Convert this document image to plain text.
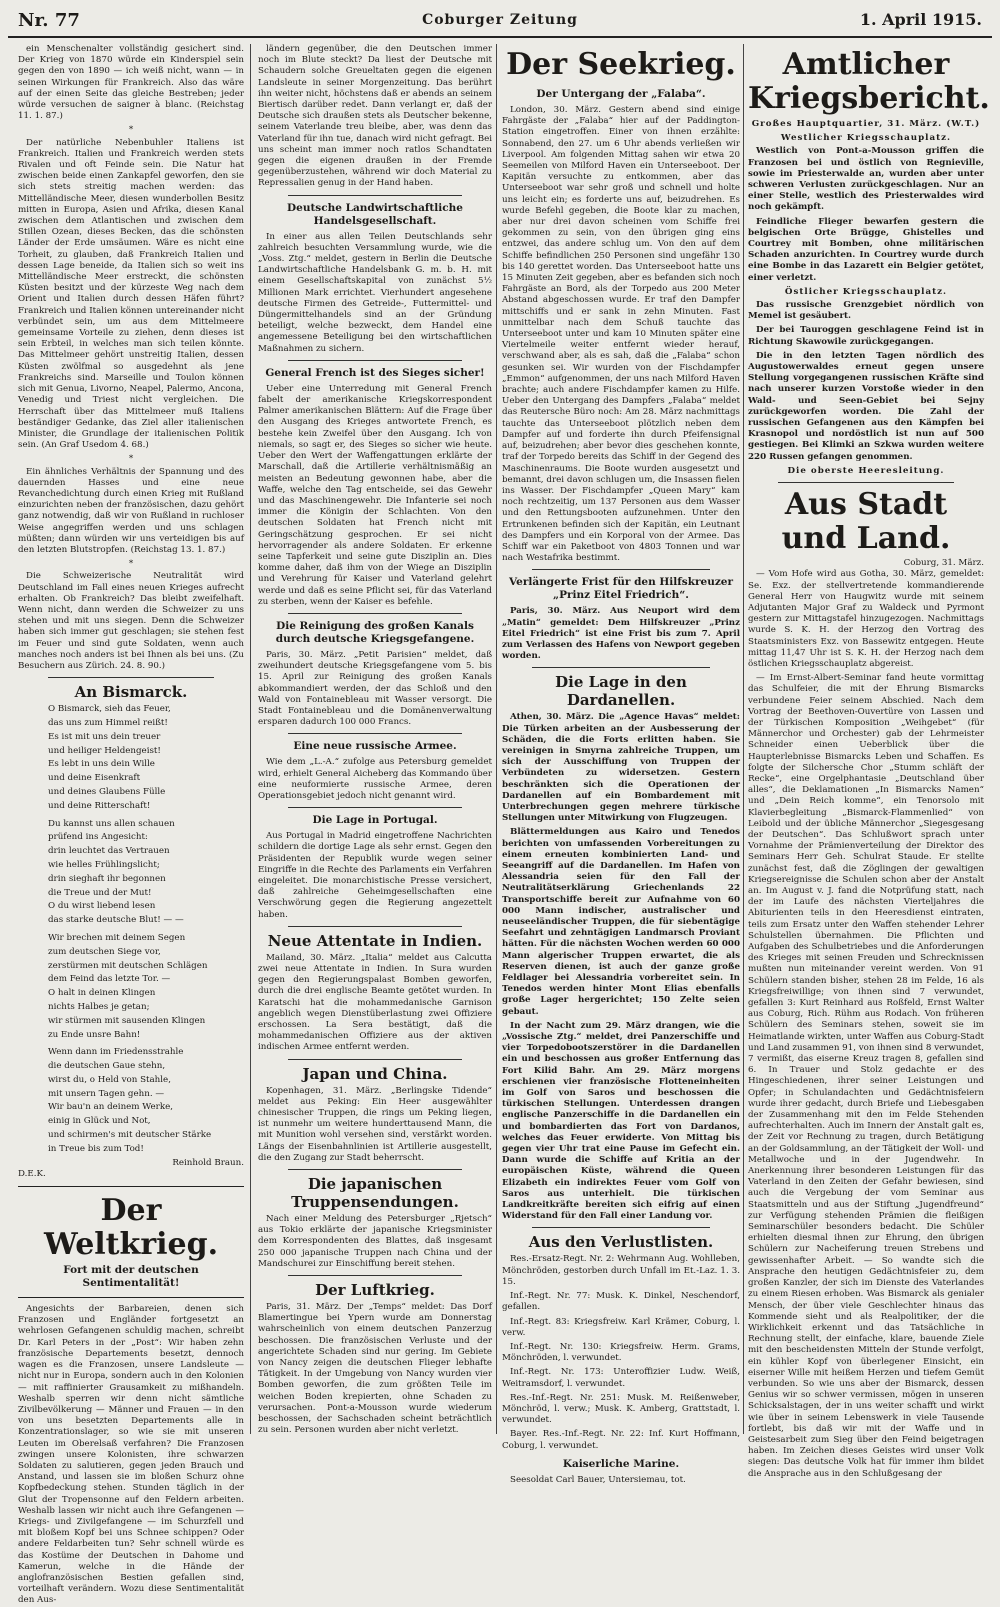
Nr. 77	Coburger Zeitung	1. April 1915.

ein Menschenalter vollständig gesichert sind. Der Krieg von 1870 würde ein Kinderspiel sein gegen den von 1890 — ich weiß nicht, wann — in seinen Wirkungen für Frankreich. Also das wäre auf der einen Seite das gleiche Bestreben; jeder würde versuchen de saigner à blanc. (Reichstag 11. 1. 87.)

*

Der natürliche Nebenbuhler Italiens ist Frankreich. Italien und Frankreich werden stets Rivalen und oft Feinde sein. Die Natur hat zwischen beide einen Zankapfel geworfen, den sie sich stets streitig machen werden: das Mittelländische Meer, diesen wunderbollen Besitz mitten in Europa, Asien und Afrika, diesen Kanal zwischen dem Atlantischen und zwischen dem Stillen Ozean, dieses Becken, das die schönsten Länder der Erde umsäumen. Wäre es nicht eine Torheit, zu glauben, daß Frankreich Italien und dessen Lage beneide, da Italien sich so weit ins Mittelländische Meer erstreckt, die schönsten Küsten besitzt und der kürzeste Weg nach dem Orient und Italien durch dessen Häfen führt? Frankreich und Italien können untereinander nicht verbündet sein, um aus dem Mittelmeere gemeinsame Vorteile zu ziehen, denn dieses ist sein Erbteil, in welches man sich teilen könnte. Das Mittelmeer gehört unstreitig Italien, dessen Küsten zwölfmal so ausgedehnt als jene Frankreichs sind. Marseille und Toulon können sich mit Genua, Livorno, Neapel, Palermo, Ancona, Venedig und Triest nicht vergleichen. Die Herrschaft über das Mittelmeer muß Italiens beständiger Gedanke, das Ziel aller italienischen Minister, die Grundlage der italienischen Politik sein. (An Graf Usedom 4. 68.)

*

Ein ähnliches Verhältnis der Spannung und des dauernden Hasses und eine neue Revanchedichtung durch einen Krieg mit Rußland einzurichten neben der französischen, dazu gehört ganz notwendig, daß wir von Rußland in ruchloser Weise angegriffen werden und uns schlagen müßten; dann würden wir uns verteidigen bis auf den letzten Blutstropfen. (Reichstag 13. 1. 87.)

*

Die Schweizerische Neutralität wird Deutschland im Fall eines neuen Krieges aufrecht erhalten. Ob Frankreich? Das bleibt zweifelhaft. Wenn nicht, dann werden die Schweizer zu uns stehen und mit uns siegen. Denn die Schweizer haben sich immer gut geschlagen; sie stehen fest im Feuer und sind gute Soldaten, wenn auch manches noch anders ist bei Ihnen als bei uns. (Zu Besuchern aus Zürich. 24. 8. 90.)

An Bismarck.
O Bismarck, sieh das Feuer,
das uns zum Himmel reißt!
Es ist mit uns dein treuer
und heiliger Heldengeist!
Es lebt in uns dein Wille
und deine Eisenkraft
und deines Glaubens Fülle
und deine Ritterschaft!
Du kannst uns allen schauen
prüfend ins Angesicht:
drin leuchtet das Vertrauen
wie helles Frühlingslicht;
drin sieghaft ihr begonnen
die Treue und der Mut!
O du wirst liebend lesen
das starke deutsche Blut! — —
Wir brechen mit deinem Segen
zum deutschen Siege vor,
zerstürmen mit deutschen Schlägen
dem Feind das letzte Tor. —
O halt in deinen Klingen
nichts Halbes je getan;
wir stürmen mit sausenden Klingen
zu Ende unsre Bahn!
Wenn dann im Friedensstrahle
die deutschen Gaue stehn,
wirst du, o Held von Stahle,
mit unsern Tagen gehn. —
Wir bau'n an deinem Werke,
einig in Glück und Not,
und schirmen's mit deutscher Stärke
in Treue bis zum Tod!
Reinhold Braun.
D.E.K.
Der Weltkrieg.
Fort mit der deutschen Sentimentalität!

Angesichts der Barbareien, denen sich Franzosen und Engländer fortgesetzt an wehrlosen Gefangenen schuldig machen, schreibt Dr. Karl Peters in der „Post“: Wir haben zehn französische Departements besetzt, dennoch wagen es die Franzosen, unsere Landsleute — nicht nur in Europa, sondern auch in den Kolonien — mit raffinierter Grausamkeit zu mißhandeln. Weshalb sperren wir denn nicht sämtliche Zivilbevölkerung — Männer und Frauen — in den von uns besetzten Departements alle in Konzentrationslager, so wie sie mit unseren Leuten im Oberelsaß verfahren? Die Franzosen zwingen unsere Kolonisten, ihre schwarzen Soldaten zu salutieren, gegen jeden Brauch und Anstand, und lassen sie im bloßen Schurz ohne Kopfbedeckung stehen. Stunden täglich in der Glut der Tropensonne auf den Feldern arbeiten. Weshalb lassen wir nicht auch ihre Gefangenen — Kriegs- und Zivilgefangene — im Schurzfell und mit bloßem Kopf bei uns Schnee schippen? Oder andere Feldarbeiten tun? Sehr schnell würde es das Kostüme der Deutschen in Dahome und Kamerun, welche in die Hände der anglofranzösischen Bestien gefallen sind, vorteilhaft verändern. Wozu diese Sentimentalität den Aus-

ländern gegenüber, die den Deutschen immer noch im Blute steckt? Da liest der Deutsche mit Schaudern solche Greueltaten gegen die eigenen Landsleute in seiner Morgenzeitung. Das berührt ihn weiter nicht, höchstens daß er abends an seinem Biertisch darüber redet. Dann verlangt er, daß der Deutsche sich draußen stets als Deutscher bekenne, seinem Vaterlande treu bleibe, aber, was denn das Vaterland für ihn tue, danach wird nicht gefragt. Bei uns scheint man immer noch ratlos Schandtaten gegen die eigenen draußen in der Fremde gegenüberzustehen, während wir doch Material zu Repressalien genug in der Hand haben.

Deutsche Landwirtschaftliche Handelsgesellschaft.

In einer aus allen Teilen Deutschlands sehr zahlreich besuchten Versammlung wurde, wie die „Voss. Ztg.“ meldet, gestern in Berlin die Deutsche Landwirtschaftliche Handelsbank G. m. b. H. mit einem Gesellschaftskapital von zunächst 5½ Millionen Mark errichtet. Vierhundert angesehene deutsche Firmen des Getreide-, Futtermittel- und Düngermittelhandels sind an der Gründung beteiligt, welche bezweckt, dem Handel eine angemessene Beteiligung bei den wirtschaftlichen Maßnahmen zu sichern.

General French ist des Sieges sicher!

Ueber eine Unterredung mit General French fabelt der amerikanische Kriegskorrespondent Palmer amerikanischen Blättern: Auf die Frage über den Ausgang des Krieges antwortete French, es bestehe kein Zweifel über den Ausgang. Ich von niemals, so sagt er, des Sieges so sicher wie heute. Ueber den Wert der Waffengattungen erklärte der Marschall, daß die Artillerie verhältnismäßig an meisten an Bedeutung gewonnen habe, aber die Waffe, welche den Tag entscheide, sei das Gewehr und das Maschinengewehr. Die Infanterie sei noch immer die Königin der Schlachten. Von den deutschen Soldaten hat French nicht mit Geringschätzung gesprochen. Er sei nicht hervorragender als andere Soldaten. Er erkenne seine Tapferkeit und seine gute Disziplin an. Dies komme daher, daß ihm von der Wiege an Disziplin und Verehrung für Kaiser und Vaterland gelehrt werde und daß es seine Pflicht sei, für das Vaterland zu sterben, wenn der Kaiser es befehle.

Die Reinigung des großen Kanals durch deutsche Kriegsgefangene.

Paris, 30. März. „Petit Parisien“ meldet, daß zweihundert deutsche Kriegsgefangene vom 5. bis 15. April zur Reinigung des großen Kanals abkommandiert werden, der das Schloß und den Wald von Fontainebleau mit Wasser versorgt. Die Stadt Fontainebleau und die Domänenverwaltung ersparen dadurch 100 000 Francs.

Eine neue russische Armee.

Wie dem „L.-A.“ zufolge aus Petersburg gemeldet wird, erhielt General Aicheberg das Kommando über eine neuformierte russische Armee, deren Operationsgebiet jedoch nicht genannt wird.

Die Lage in Portugal.

Aus Portugal in Madrid eingetroffene Nachrichten schildern die dortige Lage als sehr ernst. Gegen den Präsidenten der Republik wurde wegen seiner Eingriffe in die Rechte des Parlaments ein Verfahren eingeleitet. Die monarchistische Presse versichert, daß zahlreiche Geheimgesellschaften eine Verschwörung gegen die Regierung angezettelt haben.

Neue Attentate in Indien.

Mailand, 30. März. „Italia“ meldet aus Calcutta zwei neue Attentate in Indien. In Sura wurden gegen den Regierungspalast Bomben geworfen, durch die drei englische Beamte getötet wurden. In Karatschi hat die mohammedanische Garnison angeblich wegen Dienstüberlastung zwei Offiziere erschossen. La Sera bestätigt, daß die mohammedanischen Offiziere aus der aktiven indischen Armee entfernt werden.

Japan und China.

Kopenhagen, 31. März. „Berlingske Tidende“ meldet aus Peking: Ein Heer ausgewählter chinesischer Truppen, die rings um Peking liegen, ist nunmehr um weitere hunderttausend Mann, die mit Munition wohl versehen sind, verstärkt worden. Längs der Eisenbahnlinien ist Artillerie ausgestellt, die den Zugang zur Stadt beherrscht.

Die japanischen Truppensendungen.

Nach einer Meldung des Petersburger „Rjetsch“ aus Tokio erklärte der japanische Kriegsminister dem Korrespondenten des Blattes, daß insgesamt 250 000 japanische Truppen nach China und der Mandschurei zur Einschiffung bereit stehen.

Der Luftkrieg.

Paris, 31. März. Der „Temps“ meldet: Das Dorf Blamertingue bei Ypern wurde am Donnerstag wahrscheinlich von einem deutschen Panzerzug beschossen. Die französischen Verluste und der angerichtete Schaden sind nur gering. Im Gebiete von Nancy zeigen die deutschen Flieger lebhafte Tätigkeit. In der Umgebung von Nancy wurden vier Bomben geworfen, die zum größten Teile im weichen Boden krepierten, ohne Schaden zu verursachen. Pont-a-Mousson wurde wiederum beschossen, der Sachschaden scheint beträchtlich zu sein. Personen wurden aber nicht verletzt.

Der Seekrieg.
Der Untergang der „Falaba“.

London, 30. März. Gestern abend sind einige Fahrgäste der „Falaba“ hier auf der Paddington-Station eingetroffen. Einer von ihnen erzählte: Sonnabend, den 27. um 6 Uhr abends verließen wir Liverpool. Am folgenden Mittag sahen wir etwa 20 Seemeilen von Milford Haven ein Unterseeboot. Der Kapitän versuchte zu entkommen, aber das Unterseeboot war sehr groß und schnell und holte uns leicht ein; es forderte uns auf, beizudrehen. Es wurde Befehl gegeben, die Boote klar zu machen, aber nur drei davon scheinen vom Schiffe frei gekommen zu sein, von den übrigen ging eins entzwei, das andere schlug um. Von den auf dem Schiffe befindlichen 250 Personen sind ungefähr 130 bis 140 gerettet worden. Das Unterseeboot hatte uns 15 Minuten Zeit gegeben, aber es befanden sich noch Fahrgäste an Bord, als der Torpedo aus 200 Meter Abstand abgeschossen wurde. Er traf den Dampfer mittschiffs und er sank in zehn Minuten. Fast unmittelbar nach dem Schuß tauchte das Unterseeboot unter und kam 10 Minuten später eine Viertelmeile weiter entfernt wieder herauf, verschwand aber, als es sah, daß die „Falaba“ schon gesunken sei. Wir wurden von der Fischdampfer „Emmon“ aufgenommen, der uns nach Milford Haven brachte; auch andere Fischdampfer kamen zu Hilfe. Ueber den Untergang des Dampfers „Falaba“ meldet das Reutersche Büro noch: Am 28. März nachmittags tauchte das Unterseeboot plötzlich neben dem Dampfer auf und forderte ihn durch Pfeifensignal auf, beizudrehen; aber bevor dies geschehen konnte, traf der Torpedo bereits das Schiff in der Gegend des Maschinenraums. Die Boote wurden ausgesetzt und bemannt, drei davon schlugen um, die Insassen fielen ins Wasser. Der Fischdampfer „Queen Mary“ kam noch rechtzeitig, um 137 Personen aus dem Wasser und den Rettungsbooten aufzunehmen. Unter den Ertrunkenen befinden sich der Kapitän, ein Leutnant des Dampfers und ein Korporal von der Armee. Das Schiff war ein Paketboot von 4803 Tonnen und war nach Westafrika bestimmt.

Verlängerte Frist für den Hilfskreuzer „Prinz Eitel Friedrich“.

Paris, 30. März. Aus Neuport wird dem „Matin“ gemeldet: Dem Hilfskreuzer „Prinz Eitel Friedrich“ ist eine Frist bis zum 7. April zum Verlassen des Hafens von Newport gegeben worden.

Die Lage in den Dardanellen.

Athen, 30. März. Die „Agence Havas“ meldet: Die Türken arbeiten an der Ausbesserung der Schäden, die die Forts erlitten haben. Sie vereinigen in Smyrna zahlreiche Truppen, um sich der Ausschiffung von Truppen der Verbündeten zu widersetzen. Gestern beschränkten sich die Operationen der Dardanellen auf ein Bombardement mit Unterbrechungen gegen mehrere türkische Stellungen unter Mitwirkung von Flugzeugen.

Blättermeldungen aus Kairo und Tenedos berichten von umfassenden Vorbereitungen zu einem erneuten kombinierten Land- und Seeangriff auf die Dardanellen. Im Hafen von Alessandria seien für den Fall der Neutralitätserklärung Griechenlands 22 Transportschiffe bereit zur Aufnahme von 60 000 Mann indischer, australischer und neuseeländischer Truppen, die für siebentägige Seefahrt und zehntägigen Landmarsch Proviant hätten. Für die nächsten Wochen werden 60 000 Mann algerischer Truppen erwartet, die als Reserven dienen, ist auch der ganze große Feldlager bei Alessandria vorbereitet sein. In Tenedos werden hinter Mont Elias ebenfalls große Lager hergerichtet; 150 Zelte seien gebaut.

In der Nacht zum 29. März drangen, wie die „Vossische Ztg.“ meldet, drei Panzerschiffe und vier Torpedobootszerstörer in die Dardanellen ein und beschossen aus großer Entfernung das Fort Kilid Bahr. Am 29. März morgens erschienen vier französische Flotteneinheiten im Golf von Saros und beschossen die türkischen Stellungen. Unterdessen drangen englische Panzerschiffe in die Dardanellen ein und bombardierten das Fort von Dardanos, welches das Feuer erwiderte. Von Mittag bis gegen vier Uhr trat eine Pause im Gefecht ein. Dann wurde die Schiffe auf Kritia an der europäischen Küste, während die Queen Elizabeth ein indirektes Feuer vom Golf von Saros aus unterhielt. Die türkischen Landkreitkräfte bereiten sich eifrig auf einen Widerstand für den Fall einer Landung vor.

Aus den Verlustlisten.

Res.-Ersatz-Regt. Nr. 2: Wehrmann Aug. Wohlleben, Mönchröden, gestorben durch Unfall im Et.-Laz. 1. 3. 15.

Inf.-Regt. Nr. 77: Musk. K. Dinkel, Neschendorf, gefallen.

Inf.-Regt. 83: Kriegsfreiw. Karl Krämer, Coburg, l. verw.

Inf.-Regt. Nr. 130: Kriegsfreiw. Herm. Grams, Mönchröden, l. verwundet.

Inf.-Regt. Nr. 173: Unteroffizier Ludw. Weiß, Weitramsdorf, l. verwundet.

Res.-Inf.-Regt. Nr. 251: Musk. M. Reißenweber, Mönchröd, l. verw.; Musk. K. Amberg, Grattstadt, l. verwundet.

Bayer. Res.-Inf.-Regt. Nr. 22: Inf. Kurt Hoffmann, Coburg, l. verwundet.

Kaiserliche Marine.

Seesoldat Carl Bauer, Untersiemau, tot.

Amtlicher Kriegsbericht.
Großes Hauptquartier, 31. März. (W.T.)
Westlicher Kriegsschauplatz.

Westlich von Pont-a-Mousson griffen die Franzosen bei und östlich von Regnieville, sowie im Priesterwalde an, wurden aber unter schweren Verlusten zurückgeschlagen. Nur an einer Stelle, westlich des Priesterwaldes wird noch gekämpft.

Feindliche Flieger bewarfen gestern die belgischen Orte Brügge, Ghistelles und Courtrey mit Bomben, ohne militärischen Schaden anzurichten. In Courtrey wurde durch eine Bombe in das Lazarett ein Belgier getötet, einer verletzt.

Östlicher Kriegsschauplatz.

Das russische Grenzgebiet nördlich von Memel ist gesäubert.

Der bei Tauroggen geschlagene Feind ist in Richtung Skawowile zurückgegangen.

Die in den letzten Tagen nördlich des Augustowerwaldes erneut gegen unsere Stellung vorgegangenen russischen Kräfte sind nach unserer kurzen Vorstoße wieder in den Wald- und Seen-Gebiet bei Sejny zurückgeworfen worden. Die Zahl der russischen Gefangenen aus den Kämpfen bei Krasnopol und nordöstlich ist nun auf 500 gestiegen. Bei Klimki an Szkwa wurden weitere 220 Russen gefangen genommen.

Die oberste Heeresleitung.
Aus Stadt und Land.
Coburg, 31. März.

— Vom Hofe wird aus Gotha, 30. März, gemeldet: Se. Exz. der stellvertretende kommandierende General Herr von Haugwitz wurde mit seinem Adjutanten Major Graf zu Waldeck und Pyrmont gestern zur Mittagstafel hinzugezogen. Nachmittags wurde S. K. H. der Herzog den Vortrag des Staatsministers Exz. von Bassewitz entgegen. Heute mittag 11,47 Uhr ist S. K. H. der Herzog nach dem östlichen Kriegsschauplatz abgereist.

— Im Ernst-Albert-Seminar fand heute vormittag das Schulfeier, die mit der Ehrung Bismarcks verbundene Feier seinem Abschied. Nach dem Vortrag der Beethoven-Ouvertüre von Lassen und der Türkischen Komposition „Weihgebet“ (für Männerchor und Orchester) gab der Lehrmeister Schneider einen Ueberblick über die Haupterlebnisse Bismarcks Leben und Schaffen. Es folgte der Silchersche Chor „Stumm schläft der Recke“, eine Orgelphantasie „Deutschland über alles“, die Deklamationen „In Bismarcks Namen“ und „Dein Reich komme“, ein Tenorsolo mit Klavierbegleitung „Bismarck-Flammenlied“ von Leibold und der übliche Männerchor „Siegesgesang der Deutschen“. Das Schlußwort sprach unter Vornahme der Prämienverteilung der Direktor des Seminars Herr Geh. Schulrat Staude. Er stellte zunächst fest, daß die Zöglingen der gewaltigen Kriegsereignisse die Schulen schon aber der Anstalt an. Im August v. J. fand die Notprüfung statt, nach der im Laufe des nächsten Vierteljahres die Abiturienten teils in den Heeresdienst eintraten, teils zum Ersatz unter den Waffen stehender Lehrer Schulstellen übernahmen. Die Pflichten und Aufgaben des Schulbetriebes und die Anforderungen des Krieges mit seinen Freuden und Schrecknissen mußten nun miteinander vereint werden. Von 91 Schülern standen bisher, stehen 28 im Felde, 16 als Kriegsfreiwillige; von ihnen sind 7 verwundet, gefallen 3: Kurt Reinhard aus Roßfeld, Ernst Walter aus Coburg, Rich. Rühm aus Rodach. Von früheren Schülern des Seminars stehen, soweit sie im Heimatlande wirkten, unter Waffen aus Coburg-Stadt und Land zusammen 91, von ihnen sind 8 verwundet, 7 vermißt, das eiserne Kreuz tragen 8, gefallen sind 6. In Trauer und Stolz gedachte er des Hingeschiedenen, ihrer seiner Leistungen und Opfer; in Schulandachten und Gedächtnisfeiern wurde ihrer gedacht, durch Briefe und Liebesgaben der Zusammenhang mit den im Felde Stehenden aufrechterhalten. Auch im Innern der Anstalt galt es, der Zeit vor Rechnung zu tragen, durch Betätigung an der Goldsammlung, an der Tätigkeit der Woll- und Metallwoche und in der Jugendwehr. In Anerkennung ihrer besonderen Leistungen für das Vaterland in den Zeiten der Gefahr bewiesen, sind auch die Vergebung der vom Seminar aus Staatsmitteln und aus der Stiftung „Jugendfreund“ zur Verfügung stehenden Prämien die fleißigen Seminarschüler besonders bedacht. Die Schüler erhielten diesmal ihnen zur Ehrung, den übrigen Schülern zur Nacheiferung treuen Strebens und gewissenhafter Arbeit. — So wandte sich die Ansprache den heutigen Gedächtnisfeier zu, dem großen Kanzler, der sich im Dienste des Vaterlandes zu einem Riesen erhoben. Was Bismarck als genialer Mensch, der über viele Geschlechter hinaus das Kommende sieht und als Realpolitiker, der die Wirklichkeit erkennt und das Tatsächliche in Rechnung stellt, der einfache, klare, bauende Ziele mit den bescheidensten Mitteln der Stunde verfolgt, ein kühler Kopf von überlegener Einsicht, ein eiserner Wille mit heißem Herzen und tiefem Gemüt verbunden. So wie uns aber der Bismarck, dessen Genius wir so schwer vermissen, mögen in unseren Schicksalstagen, der in uns weiter schafft und wirkt wie über in seinem Lebenswerk in viele Tausende fortlebt, bis daß wir mit der Waffe und in Geistesarbeit zum Sieg über den Feind beigetragen haben. Im Zeichen dieses Geistes wird unser Volk siegen: Das deutsche Volk hat für immer ihm bildet die Ansprache aus in den Schlußgesang der
